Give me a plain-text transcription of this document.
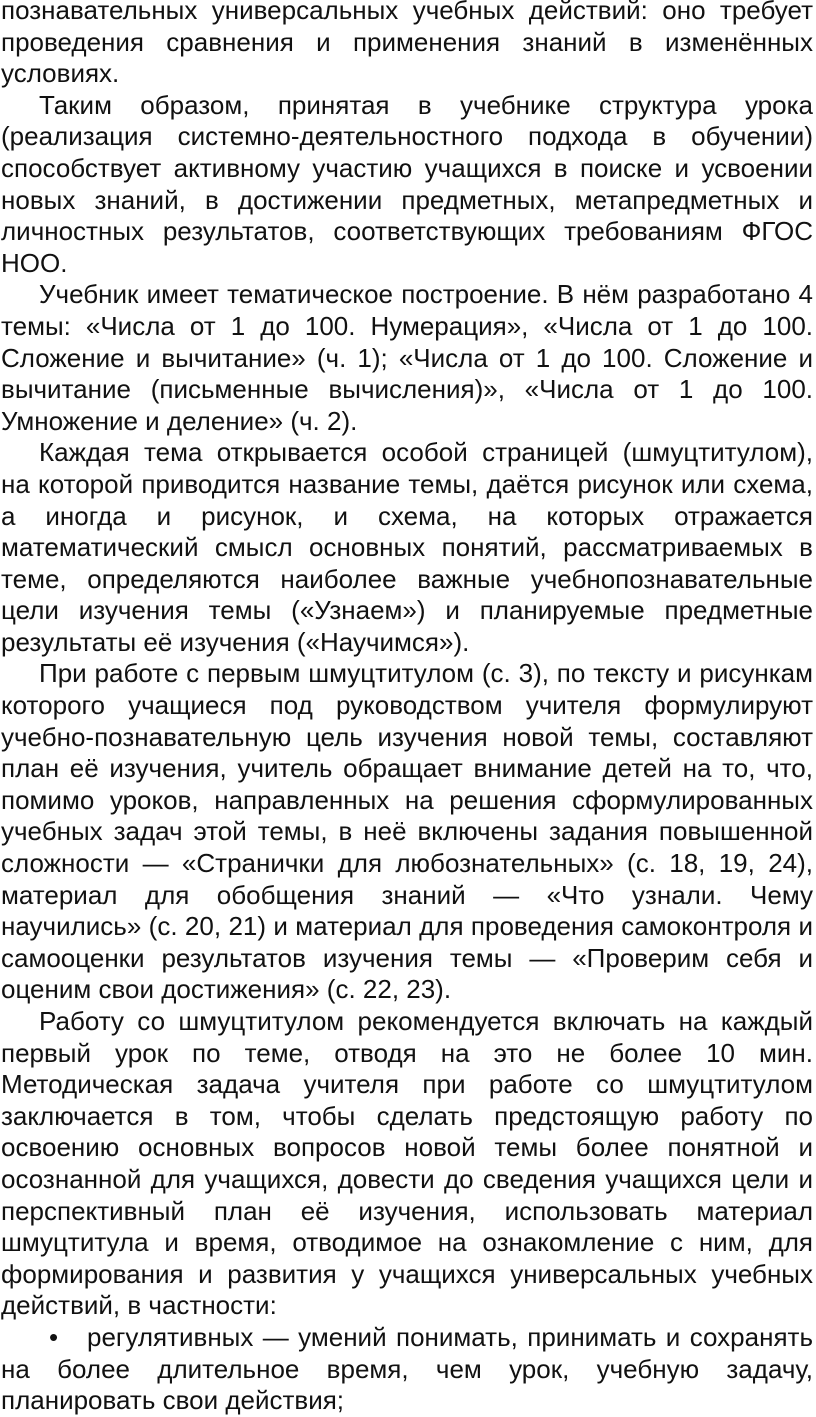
познавательных универсальных учебных действий: оно требует проведения сравнения и применения знаний в изменённых условиях.

Таким образом, принятая в учебнике структура урока (реализация системно-деятельностного подхода в обучении) способствует активному участию учащихся в поиске и усвоении новых знаний, в достижении предметных, метапредметных и личностных результатов, соответствующих требованиям ФГОС НОО.

Учебник имеет тематическое построение. В нём разработано 4 темы: «Числа от 1 до 100. Нумерация», «Числа от 1 до 100. Сложение и вычитание» (ч. 1); «Числа от 1 до 100. Сложение и вычитание (письменные вычисления)», «Числа от 1 до 100. Умножение и деление» (ч. 2).

Каждая тема открывается особой страницей (шмуцтитулом), на которой приводится название темы, даётся рисунок или схема, а иногда и рисунок, и схема, на которых отражается математический смысл основных понятий, рассматриваемых в теме, определяются наиболее важные учебнопознавательные цели изучения темы («Узнаем») и планируемые предметные результаты её изучения («Научимся»).

При работе с первым шмуцтитулом (с. 3), по тексту и рисункам которого учащиеся под руководством учителя формулируют учебно-познавательную цель изучения новой темы, составляют план её изучения, учитель обращает внимание детей на то, что, помимо уроков, направленных на решения сформулированных учебных задач этой темы, в неё включены задания повышенной сложности — «Странички для любознательных» (с. 18, 19, 24), материал для обобщения знаний — «Что узнали. Чему научились» (с. 20, 21) и материал для проведения самоконтроля и самооценки результатов изучения темы — «Проверим себя и оценим свои достижения» (с. 22, 23).

Работу со шмуцтитулом рекомендуется включать на каждый первый урок по теме, отводя на это не более 10 мин. Методическая задача учителя при работе со шмуцтитулом заключается в том, чтобы сделать предстоящую работу по освоению основных вопросов новой темы более понятной и осознанной для учащихся, довести до сведения учащихся цели и перспективный план её изучения, использовать материал шмуцтитула и время, отводимое на ознакомление с ним, для формирования и развития у учащихся универсальных учебных действий, в частности:

• регулятивных — умений понимать, принимать и сохранять на более длительное время, чем урок, учебную задачу, планировать свои действия;
